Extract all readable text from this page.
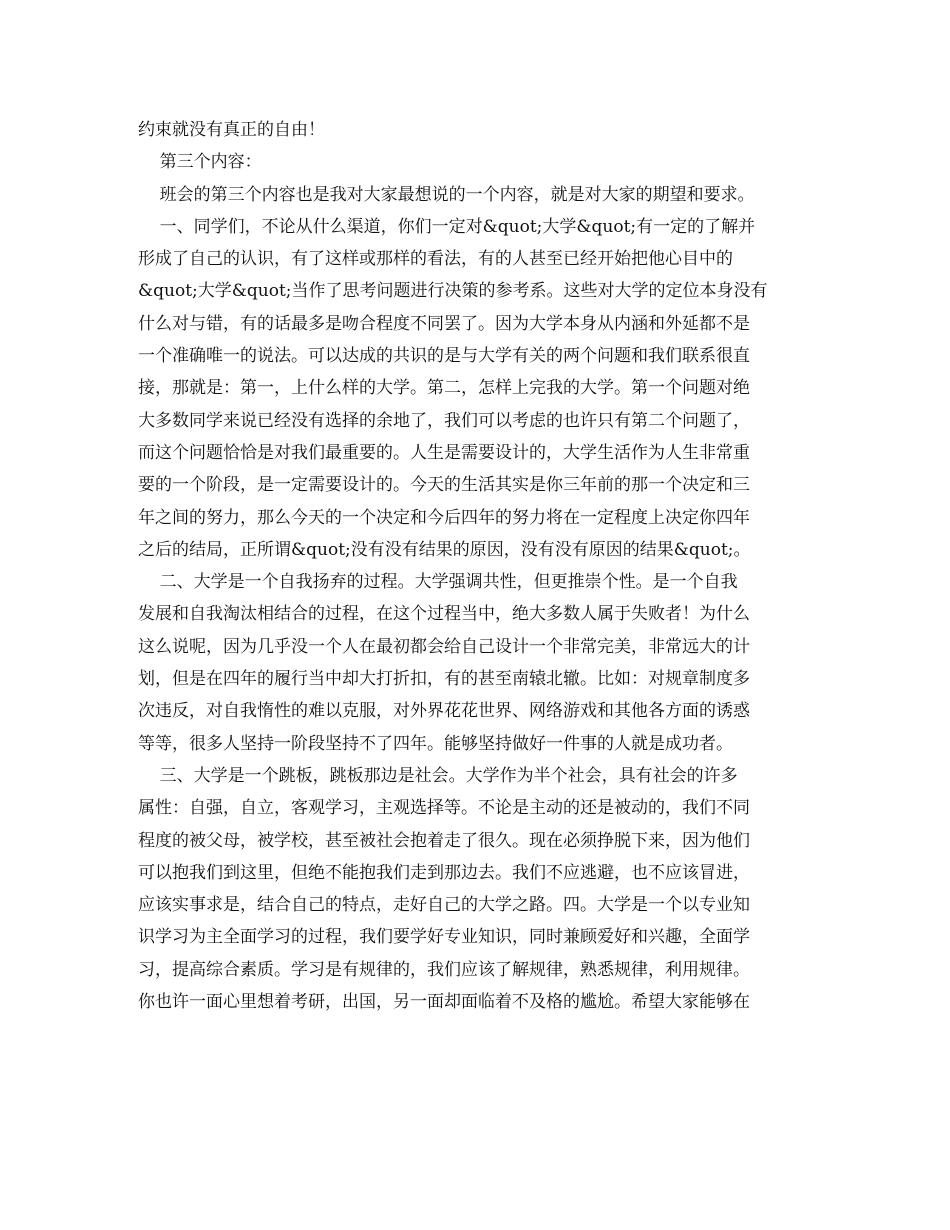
约束就没有真正的自由！
第三个内容：
班会的第三个内容也是我对大家最想说的一个内容，就是对大家的期望和要求。
一、同学们，不论从什么渠道，你们一定对&quot;大学&quot;有一定的了解并
形成了自己的认识，有了这样或那样的看法，有的人甚至已经开始把他心目中的
&quot;大学&quot;当作了思考问题进行决策的参考系。这些对大学的定位本身没有
什么对与错，有的话最多是吻合程度不同罢了。因为大学本身从内涵和外延都不是
一个准确唯一的说法。可以达成的共识的是与大学有关的两个问题和我们联系很直
接，那就是：第一，上什么样的大学。第二，怎样上完我的大学。第一个问题对绝
大多数同学来说已经没有选择的余地了，我们可以考虑的也许只有第二个问题了，
而这个问题恰恰是对我们最重要的。人生是需要设计的，大学生活作为人生非常重
要的一个阶段，是一定需要设计的。今天的生活其实是你三年前的那一个决定和三
年之间的努力，那么今天的一个决定和今后四年的努力将在一定程度上决定你四年
之后的结局，正所谓&quot;没有没有结果的原因，没有没有原因的结果&quot;。
二、大学是一个自我扬弃的过程。大学强调共性，但更推崇个性。是一个自我
发展和自我淘汰相结合的过程，在这个过程当中，绝大多数人属于失败者！为什么
这么说呢，因为几乎没一个人在最初都会给自己设计一个非常完美，非常远大的计
划，但是在四年的履行当中却大打折扣，有的甚至南辕北辙。比如：对规章制度多
次违反，对自我惰性的难以克服，对外界花花世界、网络游戏和其他各方面的诱惑
等等，很多人坚持一阶段坚持不了四年。能够坚持做好一件事的人就是成功者。
三、大学是一个跳板，跳板那边是社会。大学作为半个社会，具有社会的许多
属性：自强，自立，客观学习，主观选择等。不论是主动的还是被动的，我们不同
程度的被父母，被学校，甚至被社会抱着走了很久。现在必须挣脱下来，因为他们
可以抱我们到这里，但绝不能抱我们走到那边去。我们不应逃避，也不应该冒进，
应该实事求是，结合自己的特点，走好自己的大学之路。四。大学是一个以专业知
识学习为主全面学习的过程，我们要学好专业知识，同时兼顾爱好和兴趣，全面学
习，提高综合素质。学习是有规律的，我们应该了解规律，熟悉规律，利用规律。
你也许一面心里想着考研，出国，另一面却面临着不及格的尴尬。希望大家能够在
